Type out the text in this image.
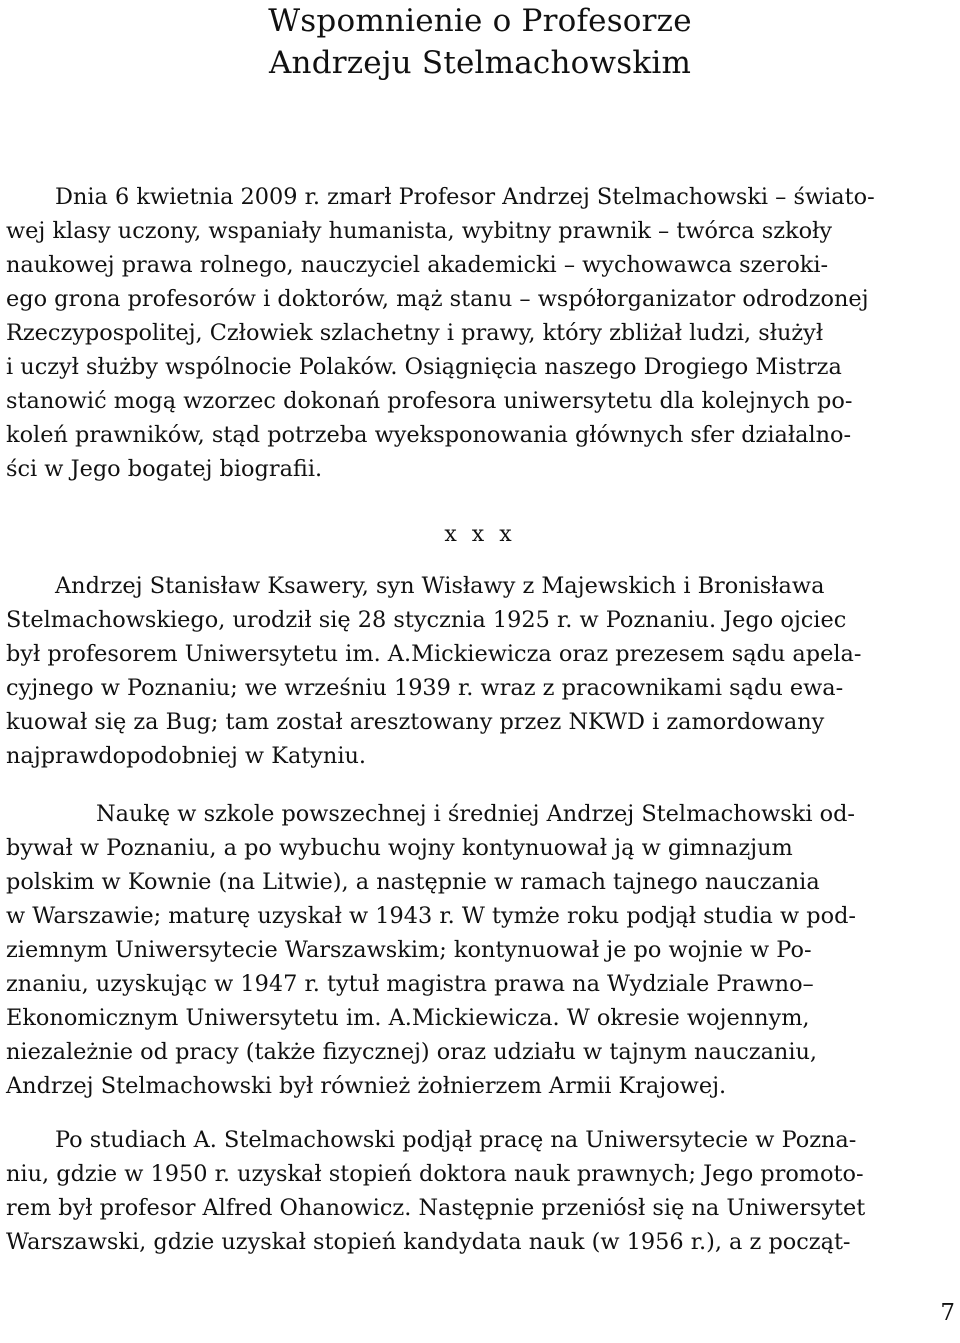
Wspomnienie o Profesorze
Andrzeju Stelmachowskim
Dnia 6 kwietnia 2009 r. zmarł Profesor Andrzej Stelmachowski – świato-
wej klasy uczony, wspaniały humanista, wybitny prawnik – twórca szkoły
naukowej prawa rolnego, nauczyciel akademicki – wychowawca szeroki-
ego grona profesorów i doktorów, mąż stanu – współorganizator odrodzonej
Rzeczypospolitej, Człowiek szlachetny i prawy, który zbliżał ludzi, służył
i uczył służby wspólnocie Polaków. Osiągnięcia naszego Drogiego Mistrza
stanowić mogą wzorzec dokonań profesora uniwersytetu dla kolejnych po-
koleń prawników, stąd potrzeba wyeksponowania głównych sfer działalno-
ści w Jego bogatej biografii.
x x x
Andrzej Stanisław Ksawery, syn Wisławy z Majewskich i Bronisława
Stelmachowskiego, urodził się 28 stycznia 1925 r. w Poznaniu. Jego ojciec
był profesorem Uniwersytetu im. A.Mickiewicza oraz prezesem sądu apela-
cyjnego w Poznaniu; we wrześniu 1939 r. wraz z pracownikami sądu ewa-
kuował się za Bug; tam został aresztowany przez NKWD i zamordowany
najprawdopodobniej w Katyniu.
Naukę w szkole powszechnej i średniej Andrzej Stelmachowski od-
bywał w Poznaniu, a po wybuchu wojny kontynuował ją w gimnazjum
polskim w Kownie (na Litwie), a następnie w ramach tajnego nauczania
w Warszawie; maturę uzyskał w 1943 r. W tymże roku podjął studia w pod-
ziemnym Uniwersytecie Warszawskim; kontynuował je po wojnie w Po-
znaniu, uzyskując w 1947 r. tytuł magistra prawa na Wydziale Prawno–
Ekonomicznym Uniwersytetu im. A.Mickiewicza. W okresie wojennym,
niezależnie od pracy (także fizycznej) oraz udziału w tajnym nauczaniu,
Andrzej Stelmachowski był również żołnierzem Armii Krajowej.
Po studiach A. Stelmachowski podjął pracę na Uniwersytecie w Pozna-
niu, gdzie w 1950 r. uzyskał stopień doktora nauk prawnych; Jego promoto-
rem był profesor Alfred Ohanowicz. Następnie przeniósł się na Uniwersytet
Warszawski, gdzie uzyskał stopień kandydata nauk (w 1956 r.), a z począt-
7
